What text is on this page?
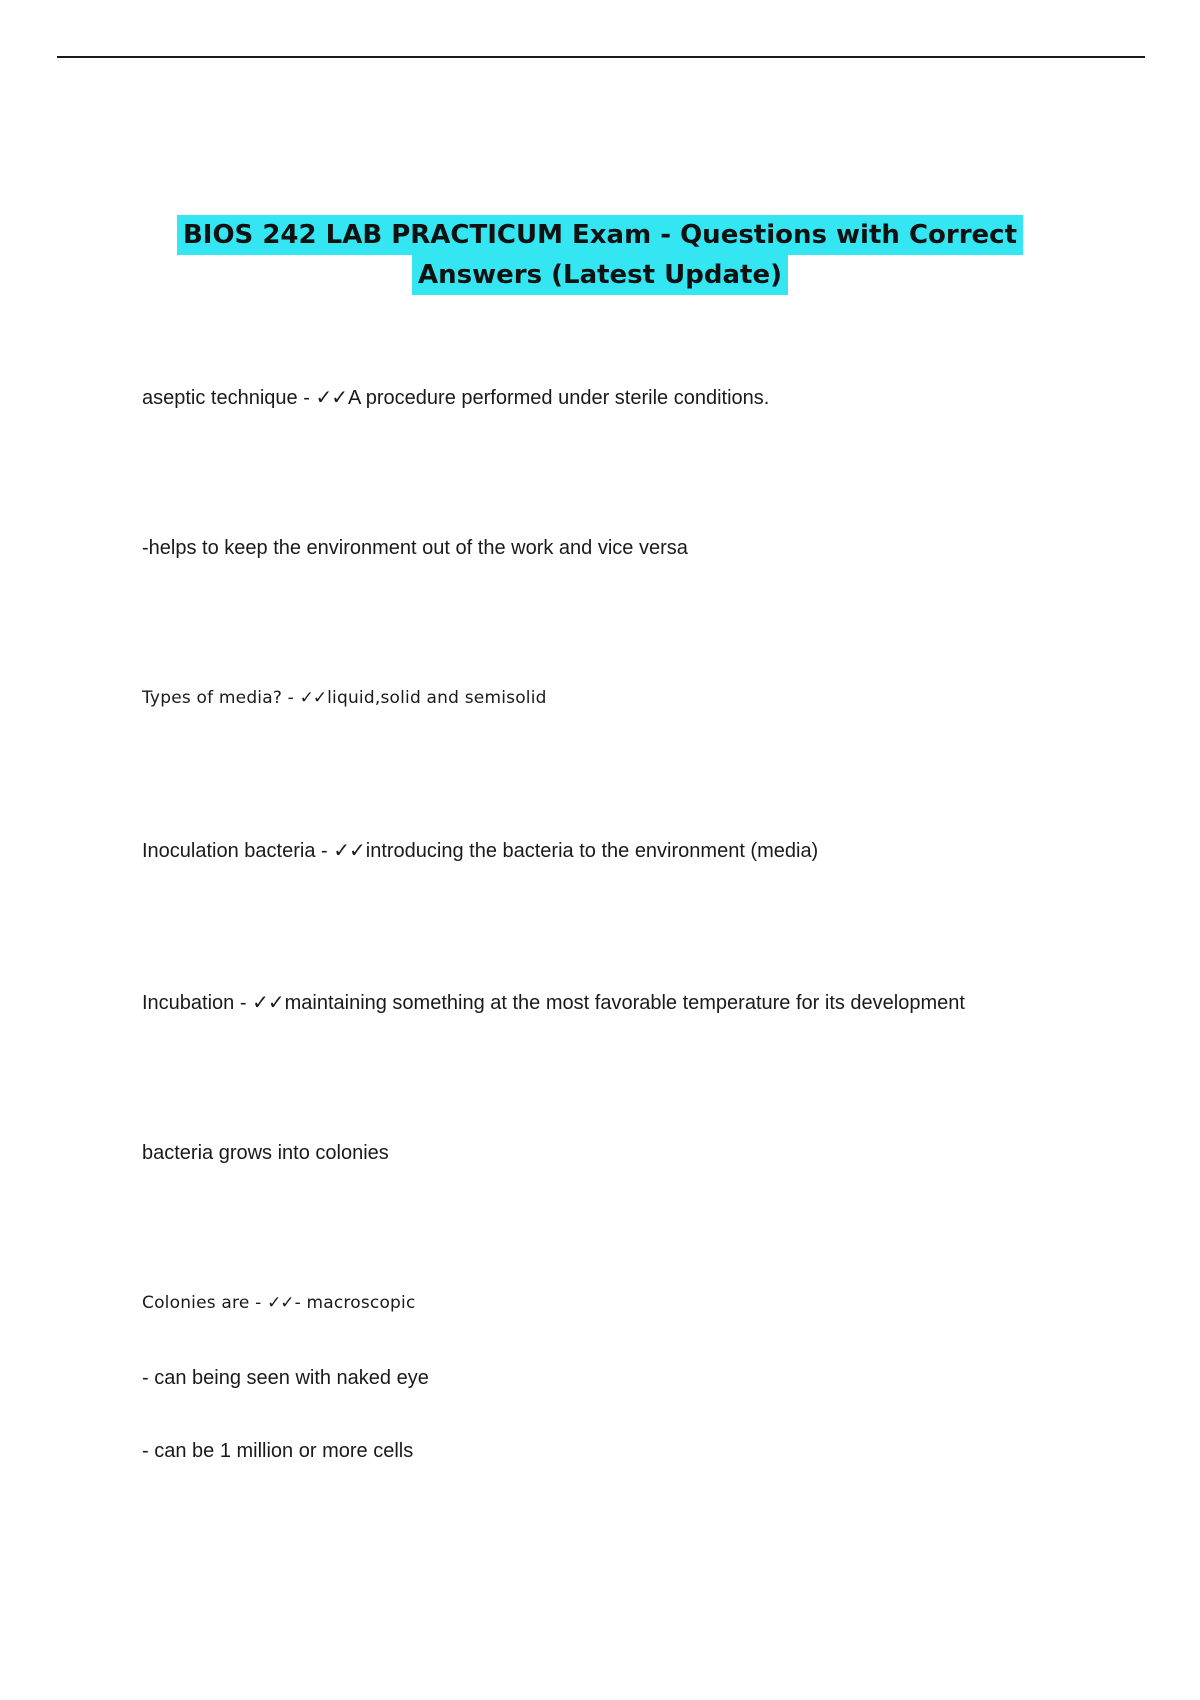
BIOS 242 LAB PRACTICUM Exam - Questions with Correct
Answers (Latest Update)
aseptic technique - ✓✓A procedure performed under sterile conditions.
-helps to keep the environment out of the work and vice versa
Types of media? - ✓✓liquid,solid and semisolid
Inoculation bacteria - ✓✓introducing the bacteria to the environment (media)
Incubation - ✓✓maintaining something at the most favorable temperature for its development
bacteria grows into colonies
Colonies are - ✓✓- macroscopic
- can being seen with naked eye
- can be 1 million or more cells
